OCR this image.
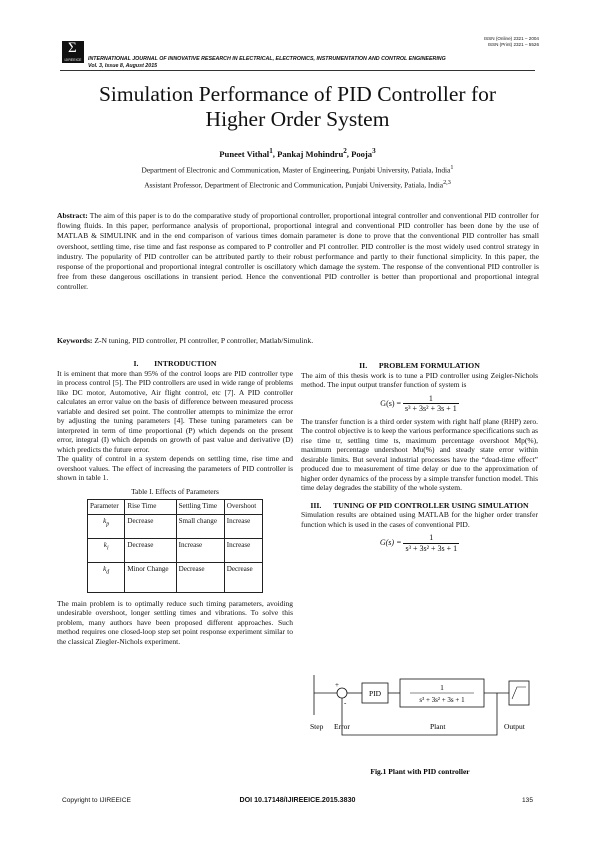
ISSN (Online) 2321 – 2004
ISSN (Print) 2321 – 5526
Σ
IJIREEICE INTERNATIONAL JOURNAL OF INNOVATIVE RESEARCH IN ELECTRICAL, ELECTRONICS, INSTRUMENTATION AND CONTROL ENGINEERING
Vol. 3, Issue 8, August 2015
Simulation Performance of PID Controller for
Higher Order System
Puneet Vithal$^1$, Pankaj Mohindru$^2$, Pooja$^3$
Department of Electronic and Communication, Master of Engineering, Punjabi University, Patiala, India$^1$
Assistant Professor, Department of Electronic and Communication, Punjabi University, Patiala, India$^{2,3}$
Abstract: The aim of this paper is to do the comparative study of proportional controller, proportional integral controller and conventional PID controller for flowing fluids. In this paper, performance analysis of proportional, proportional integral and conventional PID controller has been done by the use of MATLAB & SIMULINK and in the end comparison of various times domain parameter is done to prove that the conventional PID controller has small overshoot, settling time, rise time and fast response as compared to P controller and PI controller. PID controller is the most widely used control strategy in industry. The popularity of PID controller can be attributed partly to their robust performance and partly to their functional simplicity. In this paper, the response of the proportional and proportional integral controller is oscillatory which damage the system. The response of the conventional PID controller is free from these dangerous oscillations in transient period. Hence the conventional PID controller is better than proportional and proportional integral controller.
Keywords: Z-N tuning, PID controller, PI controller, P controller, Matlab/Simulink.
I. INTRODUCTION
It is eminent that more than 95% of the control loops are PID controller type in process control [5]. The PID controllers are used in wide range of problems like DC motor, Automotive, Air flight control, etc [7]. A PID controller calculates an error value on the basis of difference between measured process variable and desired set point. The controller attempts to minimize the error by adjusting the tuning parameters [4]. These tuning parameters can be interpreted in term of time proportional (P) which depends on the present error, integral (I) which depends on growth of past value and derivative (D) which predicts the future error.
The quality of control in a system depends on settling time, rise time and overshoot values. The effect of increasing the parameters of PID controller is shown in table 1.
Table I. Effects of Parameters
Parameter	Rise Time	Settling Time	Overshoot
$k_p$	Decrease	Small change	Increase
$k_i$	Decrease	Increase	Increase
$k_d$	Minor Change	Decrease	Decrease
The main problem is to optimally reduce such timing parameters, avoiding undesirable overshoot, longer settling times and vibrations. To solve this problem, many authors have been proposed different approaches. Such method requires one closed-loop step set point response experiment similar to the classical Ziegler-Nichols experiment.
II. PROBLEM FORMULATION
The aim of this thesis work is to tune a PID controller using Zeigler-Nichols method. The input output transfer function of system is
$G(s) = \frac{1}{\text{s³ + 3s² + 3s + 1}}$
The transfer function is a third order system with right half plane (RHP) zero. The control objective is to keep the various performance specifications such as rise time tr, settling time ts, maximum percentage overshoot Mp(%), maximum percentage undershoot Mu(%) and steady state error within desirable limits. But several industrial processes have the “dead-time effect” produced due to measurement of time delay or due to the approximation of higher order dynamics of the process by a simple transfer function model. This time delay degrades the stability of the whole system.
III. TUNING OF PID CONTROLLER USING SIMULATION
Simulation results are obtained using MATLAB for the higher order transfer function which is used in the cases of conventional PID.
$G(s) = \frac{1}{\text{s³ + 3s² + 3s + 1}}$
+
-
PID
1
s³ + 3s² + 3s + 1
Step Error	Plant	Output
Fig.1 Plant with PID controller
Copyright to IJIREEICE	DOI 10.17148/IJIREEICE.2015.3830	135
